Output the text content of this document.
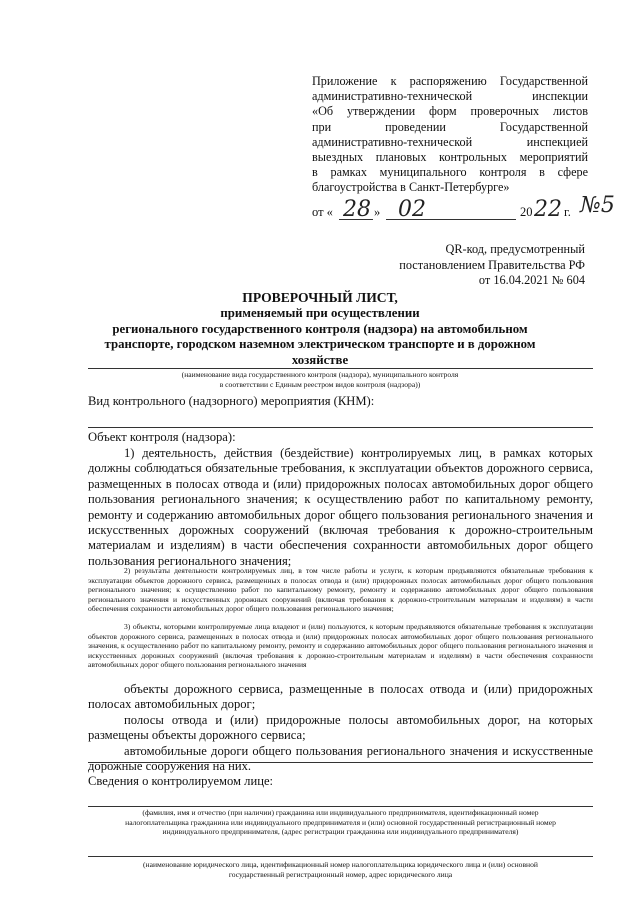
Приложение к распоряжению Государственной
административно-технической инспекции
«Об утверждении форм проверочных листов
при проведении Государственной
административно-технической инспекцией
выездных плановых контрольных мероприятий
в рамках муниципального контроля в сфере
благоустройства в Санкт-Петербурге»
от « 28 » 02	20 22 г. №5
QR-код, предусмотренный
постановлением Правительства РФ
от 16.04.2021 № 604
ПРОВЕРОЧНЫЙ ЛИСТ,
применяемый при осуществлении
регионального государственного контроля (надзора) на автомобильном
транспорте, городском наземном электрическом транспорте и в дорожном
хозяйстве
(наименование вида государственного контроля (надзора), муниципального контроля
в соответствии с Единым реестром видов контроля (надзора))
Вид контрольного (надзорного) мероприятия (КНМ):
Объект контроля (надзора):

1) деятельность, действия (бездействие) контролируемых лиц, в рамках которых должны соблюдаться обязательные требования, к эксплуатации объектов дорожного сервиса, размещенных в полосах отвода и (или) придорожных полосах автомобильных дорог общего пользования регионального значения; к осуществлению работ по капитальному ремонту, ремонту и содержанию автомобильных дорог общего пользования регионального значения и искусственных дорожных сооружений (включая требования к дорожно-строительным материалам и изделиям) в части обеспечения сохранности автомобильных дорог общего пользования регионального значения;

2) результаты деятельности контролируемых лиц, в том числе работы и услуги, к которым предъявляются обязательные требования к эксплуатации объектов дорожного сервиса, размещенных в полосах отвода и (или) придорожных полосах автомобильных дорог общего пользования регионального значения; к осуществлению работ по капитальному ремонту, ремонту и содержанию автомобильных дорог общего пользования регионального значения и искусственных дорожных сооружений (включая требования к дорожно-строительным материалам и изделиям) в части обеспечения сохранности автомобильных дорог общего пользования регионального значения;

3) объекты, которыми контролируемые лица владеют и (или) пользуются, к которым предъявляются обязательные требования к эксплуатации объектов дорожного сервиса, размещенных в полосах отвода и (или) придорожных полосах автомобильных дорог общего пользования регионального значения, к осуществлению работ по капитальному ремонту, ремонту и содержанию автомобильных дорог общего пользования регионального значения и искусственных дорожных сооружений (включая требования к дорожно-строительным материалам и изделиям) в части обеспечения сохранности автомобильных дорог общего пользования регионального значения

объекты дорожного сервиса, размещенные в полосах отвода и (или) придорожных полосах автомобильных дорог;

полосы отвода и (или) придорожные полосы автомобильных дорог, на которых размещены объекты дорожного сервиса;

автомобильные дороги общего пользования регионального значения и искусственные дорожные сооружения на них.

Сведения о контролируемом лице:
(фамилия, имя и отчество (при наличии) гражданина или индивидуального предпринимателя, идентификационный номер
налогоплательщика гражданина или индивидуального предпринимателя и (или) основной государственный регистрационный номер
индивидуального предпринимателя, (адрес регистрации гражданина или индивидуального предпринимателя)
(наименование юридического лица, идентификационный номер налогоплательщика юридического лица и (или) основной
государственный регистрационный номер, адрес юридического лица
